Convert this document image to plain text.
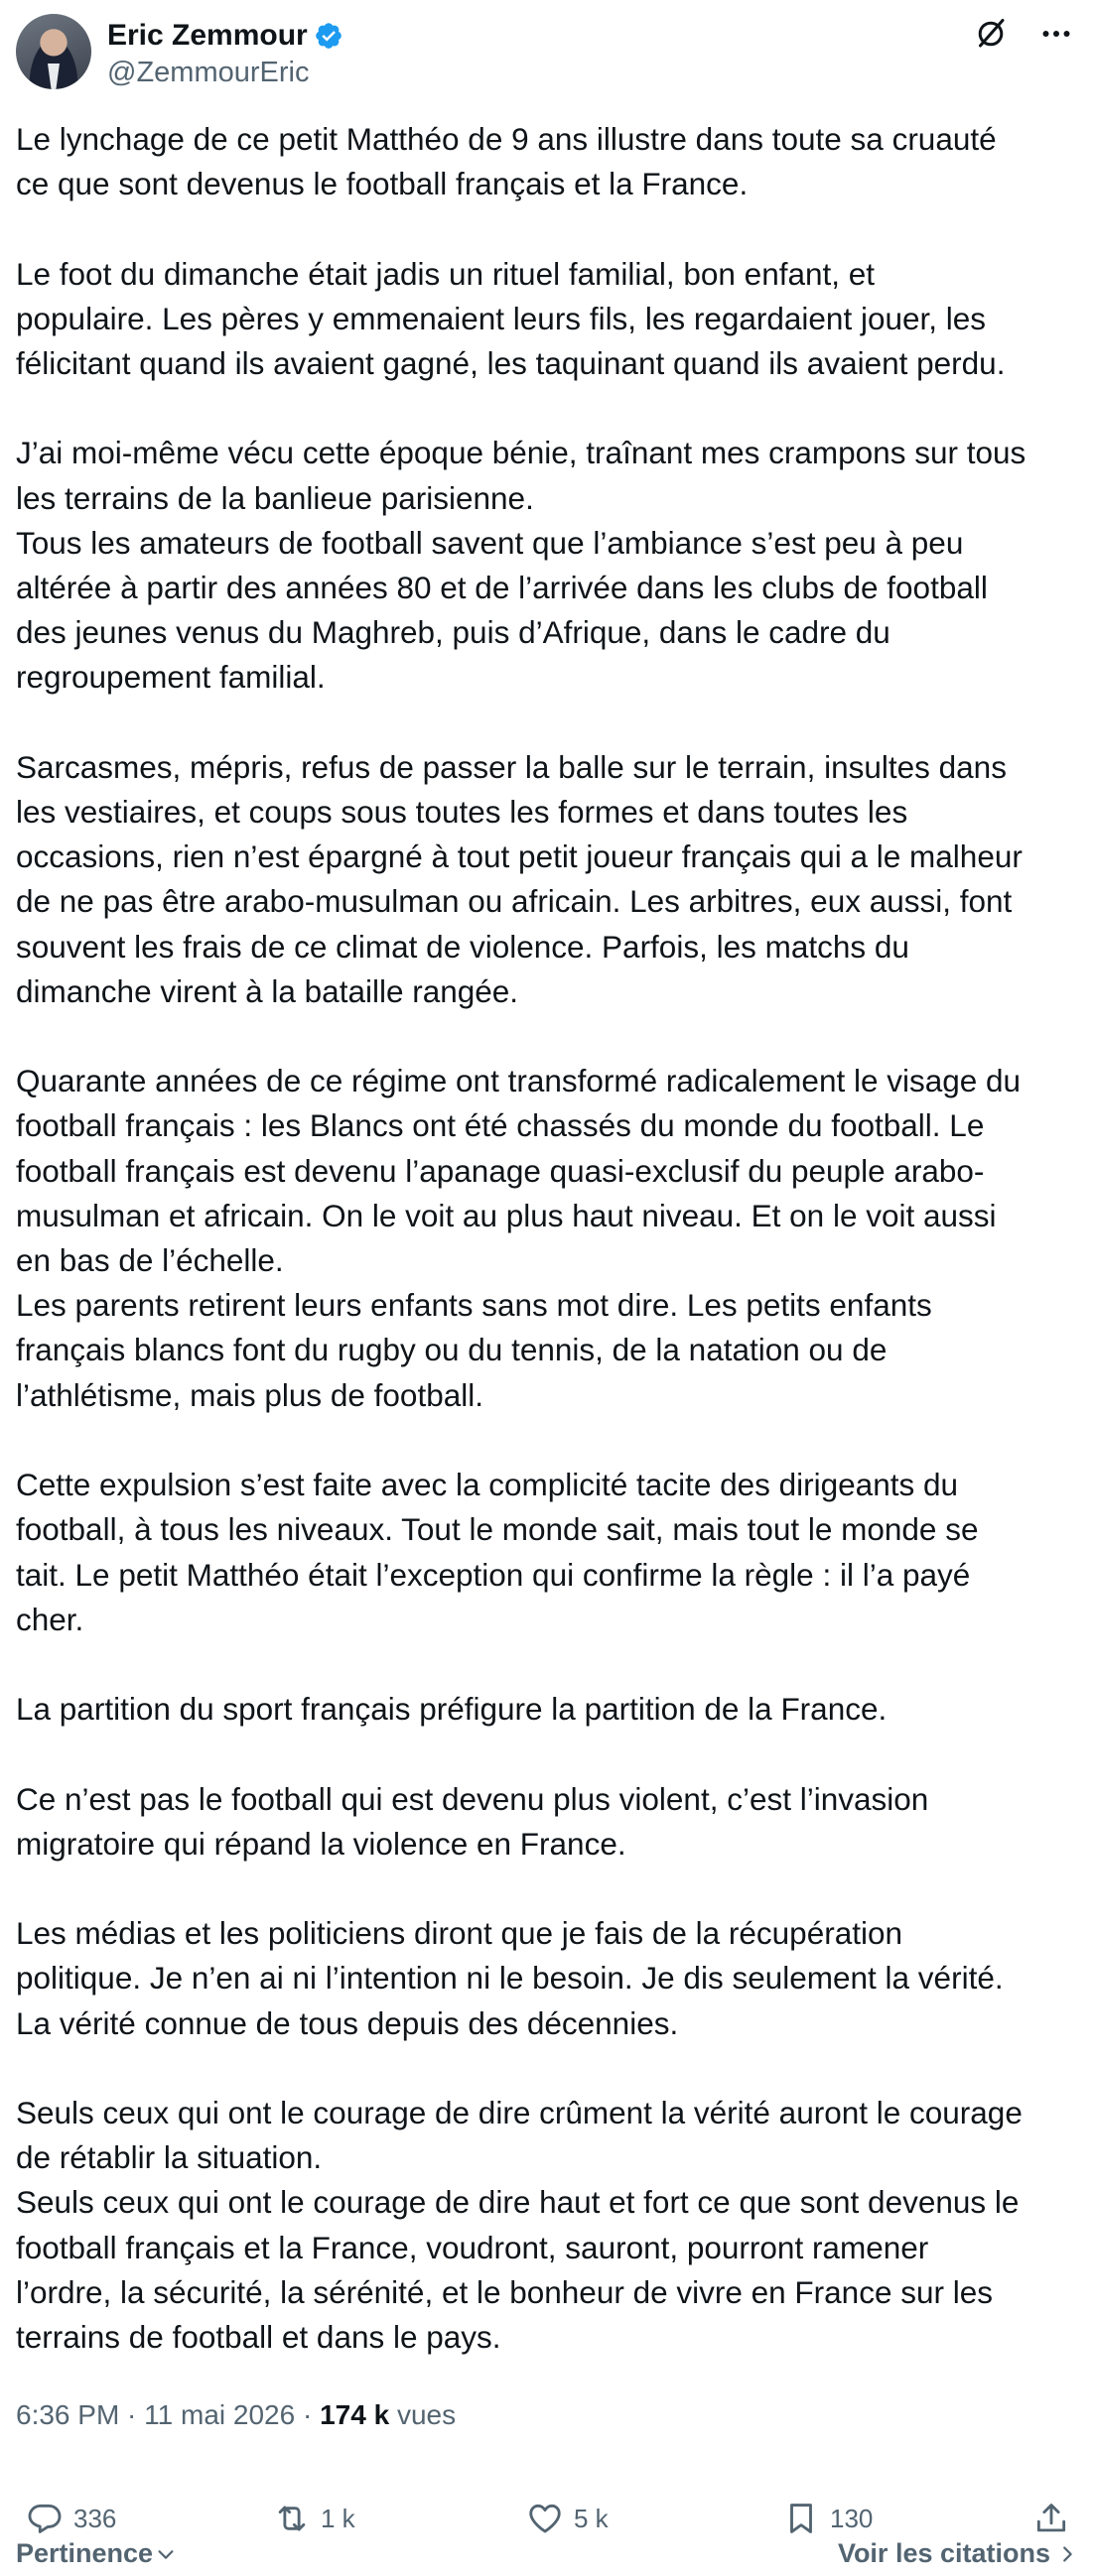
Eric Zemmour
@ZemmourEric

Le lynchage de ce petit Matthéo de 9 ans illustre dans toute sa cruauté
ce que sont devenus le football français et la France.

Le foot du dimanche était jadis un rituel familial, bon enfant, et
populaire. Les pères y emmenaient leurs fils, les regardaient jouer, les
félicitant quand ils avaient gagné, les taquinant quand ils avaient perdu.

J’ai moi-même vécu cette époque bénie, traînant mes crampons sur tous
les terrains de la banlieue parisienne.
Tous les amateurs de football savent que l’ambiance s’est peu à peu
altérée à partir des années 80 et de l’arrivée dans les clubs de football
des jeunes venus du Maghreb, puis d’Afrique, dans le cadre du
regroupement familial.

Sarcasmes, mépris, refus de passer la balle sur le terrain, insultes dans
les vestiaires, et coups sous toutes les formes et dans toutes les
occasions, rien n’est épargné à tout petit joueur français qui a le malheur
de ne pas être arabo-musulman ou africain. Les arbitres, eux aussi, font
souvent les frais de ce climat de violence. Parfois, les matchs du
dimanche virent à la bataille rangée.

Quarante années de ce régime ont transformé radicalement le visage du
football français : les Blancs ont été chassés du monde du football. Le
football français est devenu l’apanage quasi-exclusif du peuple arabo-
musulman et africain. On le voit au plus haut niveau. Et on le voit aussi
en bas de l’échelle.
Les parents retirent leurs enfants sans mot dire. Les petits enfants
français blancs font du rugby ou du tennis, de la natation ou de
l’athlétisme, mais plus de football.

Cette expulsion s’est faite avec la complicité tacite des dirigeants du
football, à tous les niveaux. Tout le monde sait, mais tout le monde se
tait. Le petit Matthéo était l’exception qui confirme la règle : il l’a payé
cher.

La partition du sport français préfigure la partition de la France.

Ce n’est pas le football qui est devenu plus violent, c’est l’invasion
migratoire qui répand la violence en France.

Les médias et les politiciens diront que je fais de la récupération
politique. Je n’en ai ni l’intention ni le besoin. Je dis seulement la vérité.
La vérité connue de tous depuis des décennies.

Seuls ceux qui ont le courage de dire crûment la vérité auront le courage
de rétablir la situation.
Seuls ceux qui ont le courage de dire haut et fort ce que sont devenus le
football français et la France, voudront, sauront, pourront ramener
l’ordre, la sécurité, la sérénité, et le bonheur de vivre en France sur les
terrains de football et dans le pays.

6:36 PM · 11 mai 2026 · 174 k vues
336	1 k	5 k	130
Pertinence	Voir les citations
